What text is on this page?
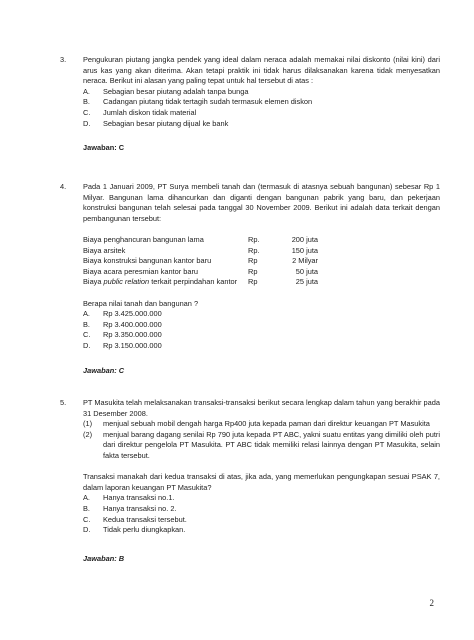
3. Pengukuran piutang jangka pendek yang ideal dalam neraca adalah memakai nilai diskonto (nilai kini) dari arus kas yang akan diterima. Akan tetapi praktik ini tidak harus dilaksanakan karena tidak menyesatkan neraca. Berikut ini alasan yang paling tepat untuk hal tersebut di atas :

A. Sebagian besar piutang adalah tanpa bunga
B. Cadangan piutang tidak tertagih sudah termasuk elemen diskon
C. Jumlah diskon tidak material
D. Sebagian besar piutang dijual ke bank
Jawaban: C
4. Pada 1 Januari 2009, PT Surya membeli tanah dan (termasuk di atasnya sebuah bangunan) sebesar Rp 1 Milyar. Bangunan lama dihancurkan dan diganti dengan bangunan pabrik yang baru, dan pekerjaan konstruksi bangunan telah selesai pada tanggal 30 November 2009. Berikut ini adalah data terkait dengan pembangunan tersebut:

Biaya penghancuran bangunan lama	Rp.	200 juta
Biaya arsitek	Rp.	150 juta
Biaya konstruksi bangunan kantor baru	Rp	2 Milyar
Biaya acara peresmian kantor baru	Rp	50 juta
Biaya public relation terkait perpindahan kantor	Rp	25 juta

Berapa nilai tanah dan bangunan ?

A. Rp 3.425.000.000
B. Rp 3.400.000.000
C. Rp 3.350.000.000
D. Rp 3.150.000.000
Jawaban: C
5. PT Masukita telah melaksanakan transaksi-transaksi berikut secara lengkap dalam tahun yang berakhir pada 31 Desember 2008.

(1) menjual sebuah mobil dengah harga Rp400 juta kepada paman dari direktur keuangan PT Masukita

(2) menjual barang dagang senilai Rp 790 juta kepada PT ABC, yakni suatu entitas yang dimiliki oleh putri dari direktur pengelola PT Masukita. PT ABC tidak memiliki relasi lainnya dengan PT Masukita, selain fakta tersebut.

Transaksi manakah dari kedua transaksi di atas, jika ada, yang memerlukan pengungkapan sesuai PSAK 7, dalam laporan keuangan PT Masukita?

A. Hanya transaksi no.1.
B. Hanya transaksi no. 2.
C. Kedua transaksi tersebut.
D. Tidak perlu diungkapkan.
Jawaban: B
2
